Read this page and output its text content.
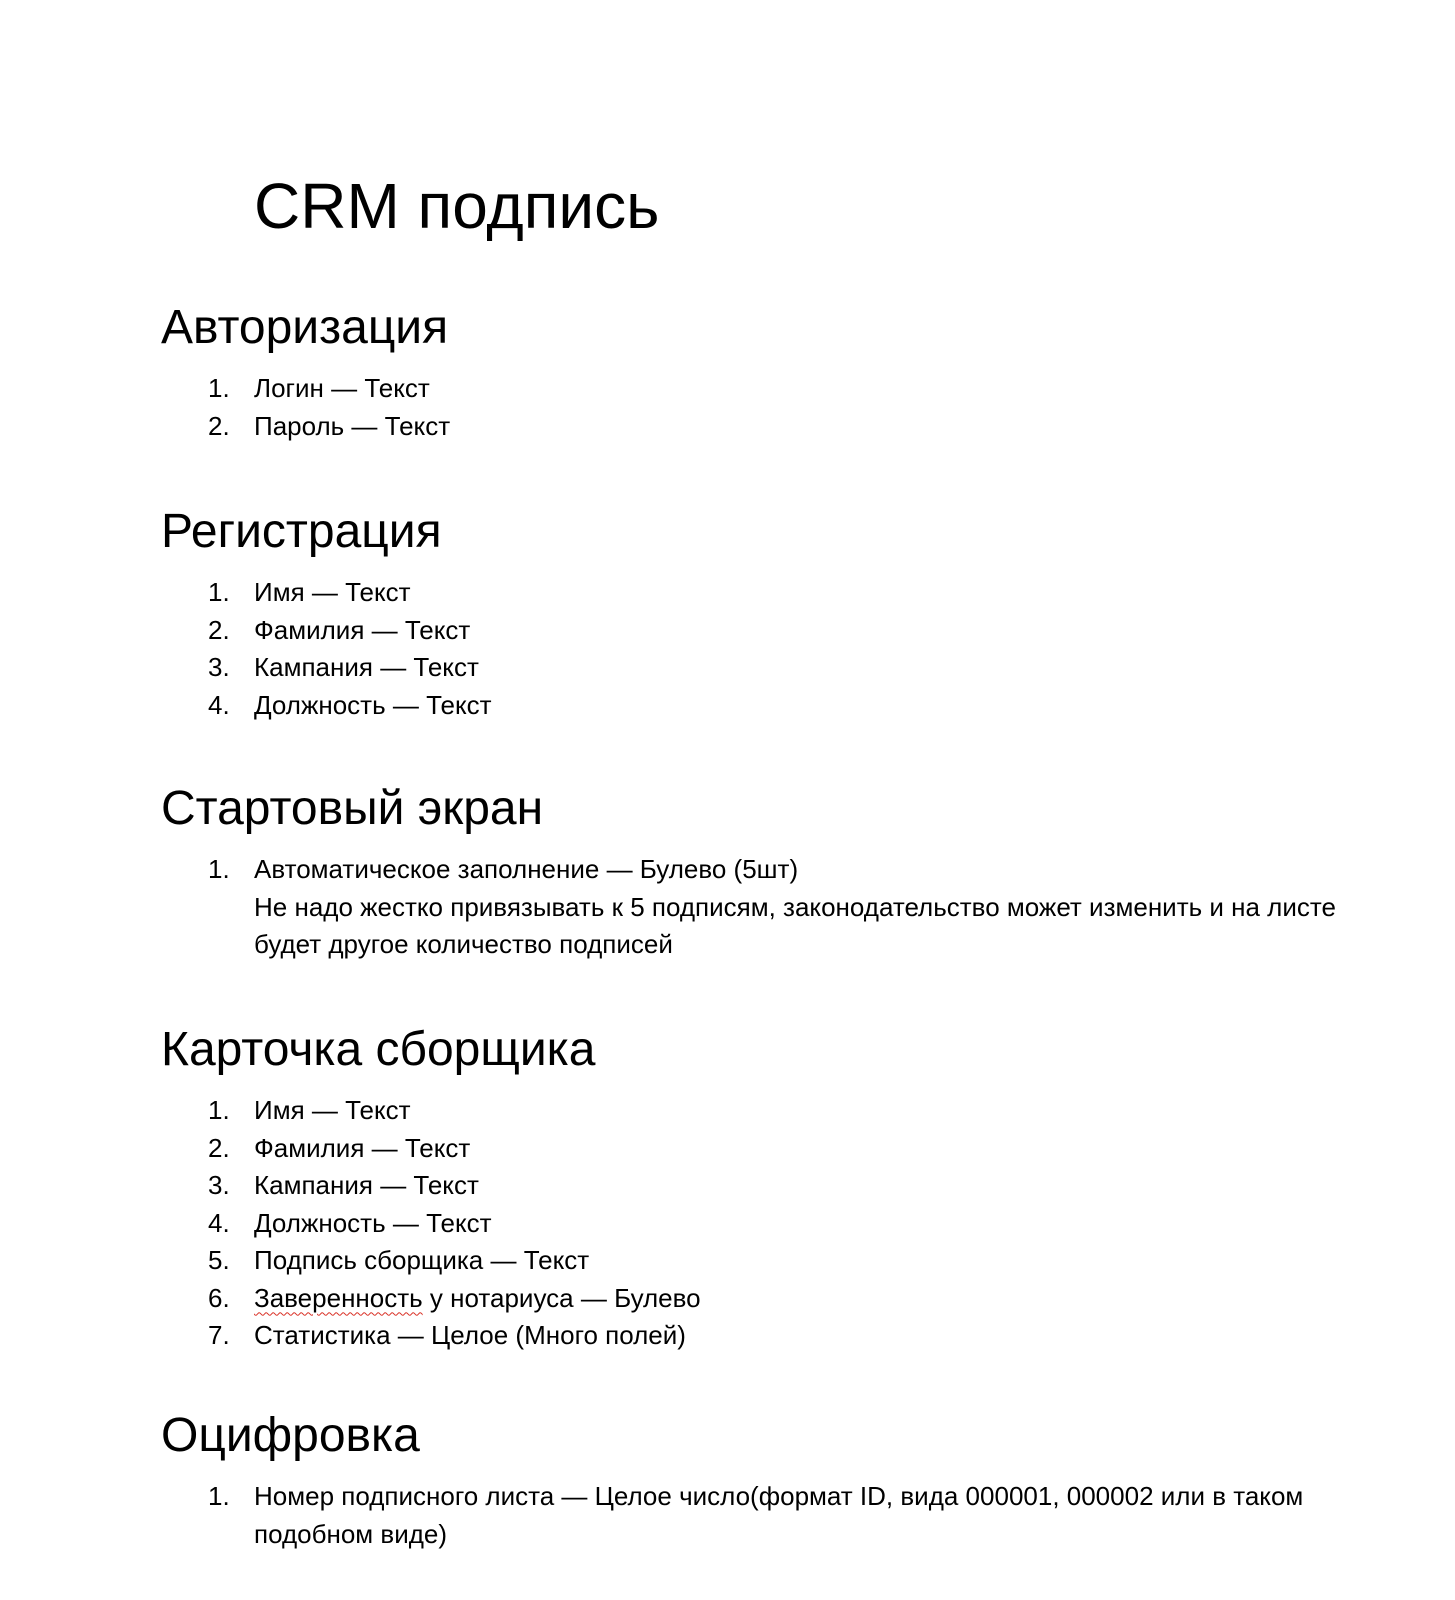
CRM подпись
Авторизация
1. Логин — Текст
2. Пароль — Текст
Регистрация
1. Имя — Текст
2. Фамилия — Текст
3. Кампания — Текст
4. Должность — Текст
Стартовый экран
1. Автоматическое заполнение — Булево (5шт)
Не надо жестко привязывать к 5 подписям, законодательство может изменить и на листе будет другое количество подписей
Карточка сборщика
1. Имя — Текст
2. Фамилия — Текст
3. Кампания — Текст
4. Должность — Текст
5. Подпись сборщика — Текст
6. Заверенность у нотариуса — Булево
7. Статистика — Целое (Много полей)
Оцифровка
1. Номер подписного листа — Целое число(формат ID, вида 000001, 000002 или в таком подобном виде)
